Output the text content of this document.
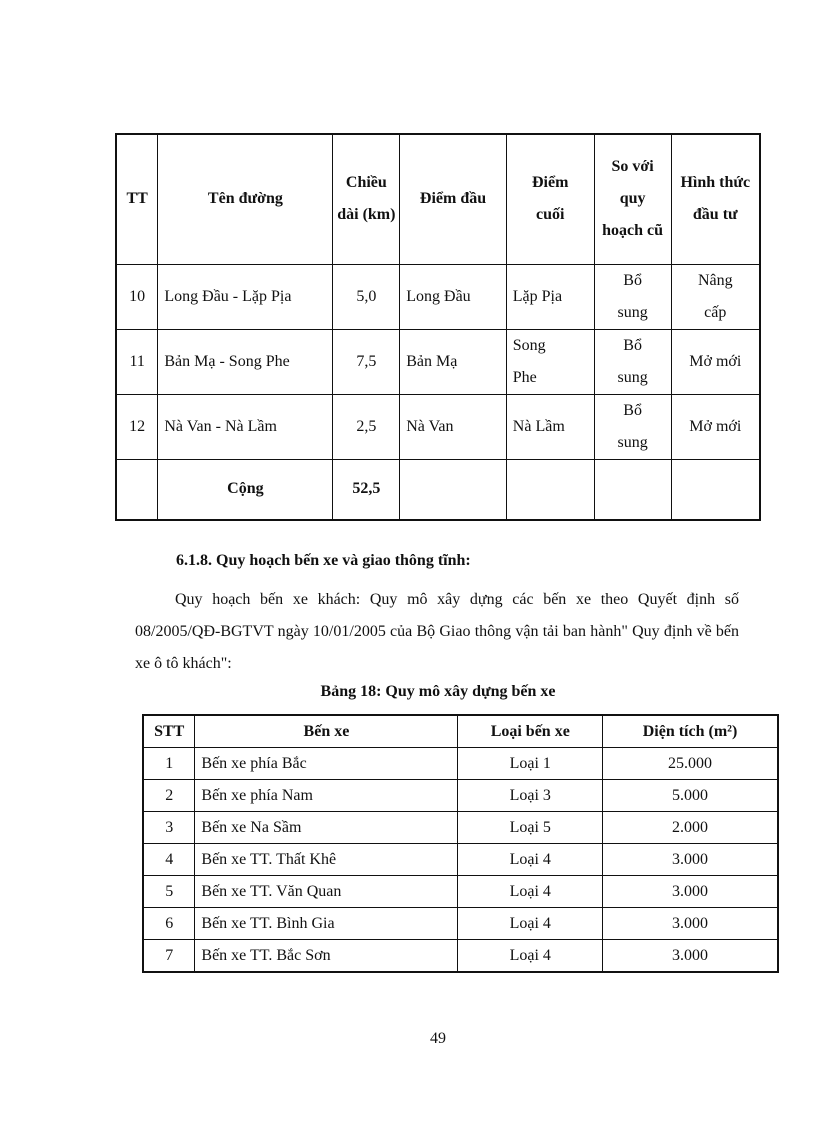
TT	Tên đường	Chiều dài (km)	Điểm đầu	Điểm cuối	So với quy hoạch cũ	Hình thức đầu tư
10	Long Đầu - Lặp Pịa	5,0	Long Đầu	Lặp Pịa	Bổ sung	Nâng cấp
11	Bản Mạ - Song Phe	7,5	Bản Mạ	Song Phe	Bổ sung	Mở mới
12	Nà Van - Nà Lầm	2,5	Nà Van	Nà Lầm	Bổ sung	Mở mới
	Cộng	52,5				
6.1.8. Quy hoạch bến xe và giao thông tĩnh:
Quy hoạch bến xe khách: Quy mô xây dựng các bến xe theo Quyết định số 08/2005/QĐ-BGTVT ngày 10/01/2005 của Bộ Giao thông vận tải ban hành" Quy định về bến xe ô tô khách":
Bảng 18: Quy mô xây dựng bến xe
STT	Bến xe	Loại bến xe	Diện tích (m²)
1	Bến xe phía Bắc	Loại 1	25.000
2	Bến xe phía Nam	Loại 3	5.000
3	Bến xe Na Sầm	Loại 5	2.000
4	Bến xe TT. Thất Khê	Loại 4	3.000
5	Bến xe TT. Văn Quan	Loại 4	3.000
6	Bến xe TT. Bình Gia	Loại 4	3.000
7	Bến xe TT. Bắc Sơn	Loại 4	3.000
49
